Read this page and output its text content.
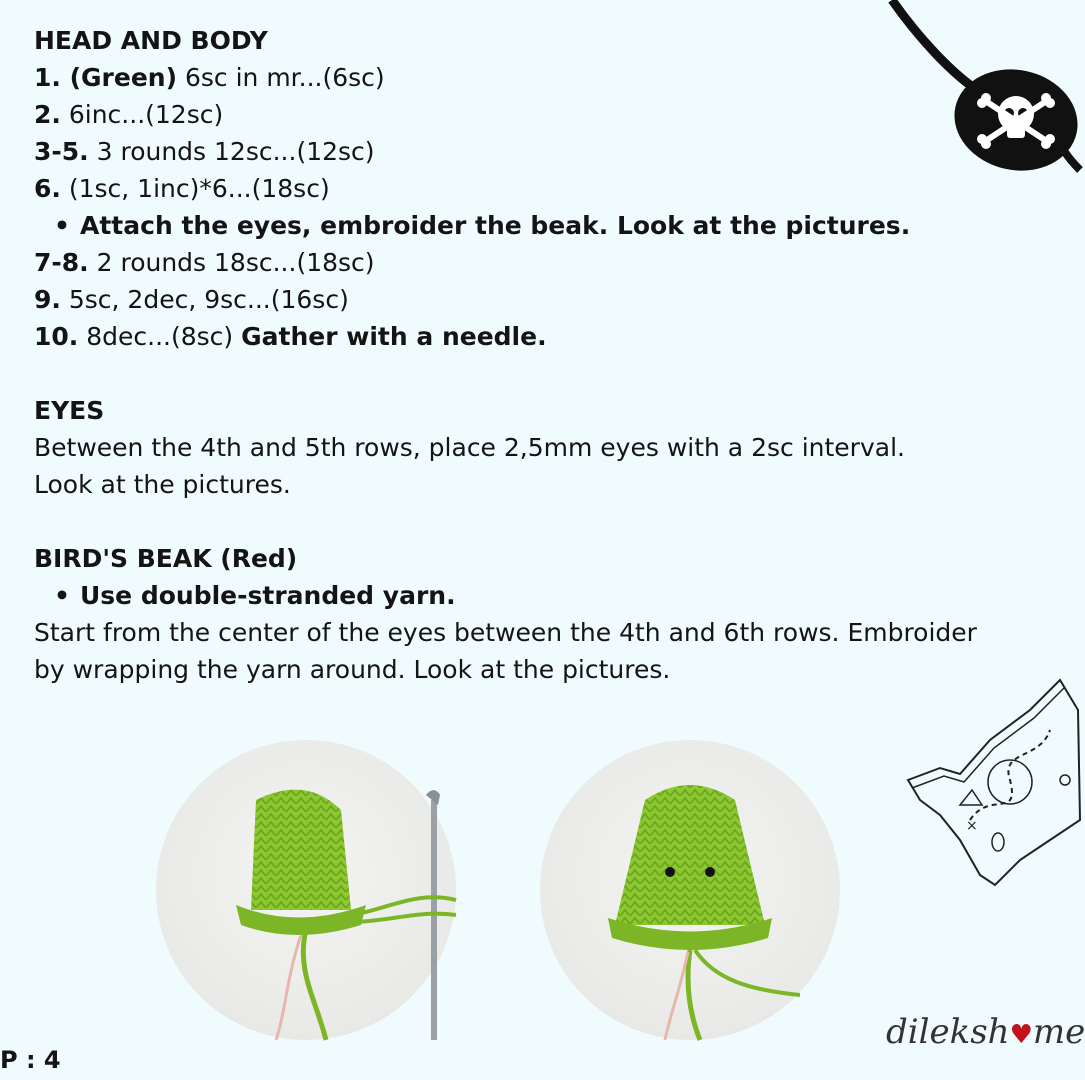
×
HEAD AND BODY
1. (Green) 6sc in mr...(6sc)
2. 6inc...(12sc)
3-5. 3 rounds 12sc...(12sc)
6. (1sc, 1inc)*6...(18sc)
• Attach the eyes, embroider the beak. Look at the pictures.
7-8. 2 rounds 18sc...(18sc)
9. 5sc, 2dec, 9sc...(16sc)
10. 8dec...(8sc) Gather with a needle.
EYES
Between the 4th and 5th rows, place 2,5mm eyes with a 2sc interval.
Look at the pictures.
BIRD'S BEAK (Red)
• Use double-stranded yarn.
Start from the center of the eyes between the 4th and 6th rows. Embroider
by wrapping the yarn around. Look at the pictures.
P : 4
dileksh♥me
